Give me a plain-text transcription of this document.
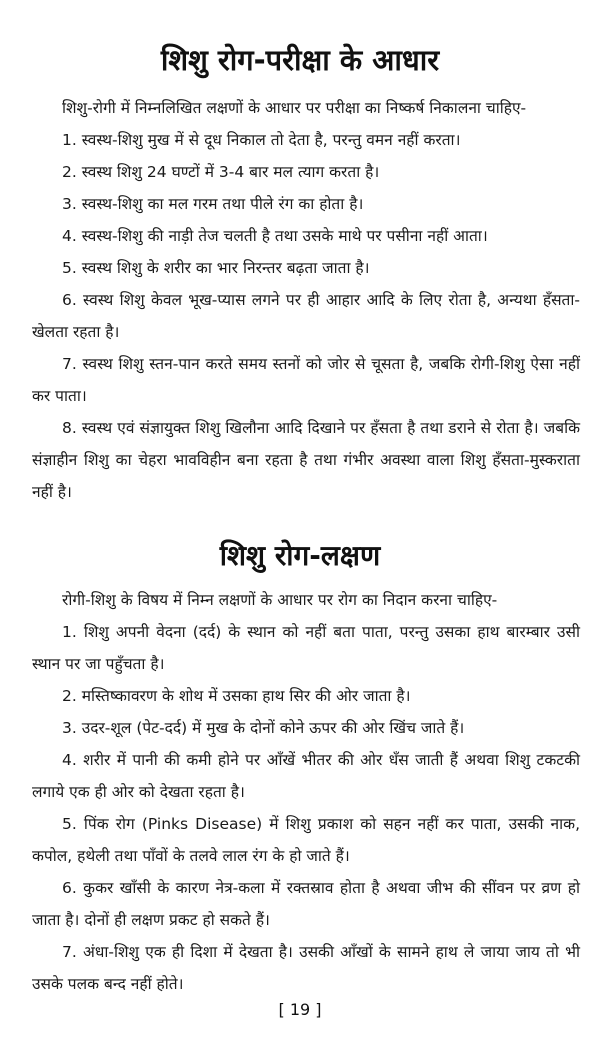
शिशु रोग-परीक्षा के आधार

शिशु-रोगी में निम्नलिखित लक्षणों के आधार पर परीक्षा का निष्कर्ष निकालना चाहिए-

1. स्वस्थ-शिशु मुख में से दूध निकाल तो देता है, परन्तु वमन नहीं करता।

2. स्वस्थ शिशु 24 घण्टों में 3-4 बार मल त्याग करता है।

3. स्वस्थ-शिशु का मल गरम तथा पीले रंग का होता है।

4. स्वस्थ-शिशु की नाड़ी तेज चलती है तथा उसके माथे पर पसीना नहीं आता।

5. स्वस्थ शिशु के शरीर का भार निरन्तर बढ़ता जाता है।

6. स्वस्थ शिशु केवल भूख-प्यास लगने पर ही आहार आदि के लिए रोता है, अन्यथा हँसता-खेलता रहता है।

7. स्वस्थ शिशु स्तन-पान करते समय स्तनों को जोर से चूसता है, जबकि रोगी-शिशु ऐसा नहीं कर पाता।

8. स्वस्थ एवं संज्ञायुक्त शिशु खिलौना आदि दिखाने पर हँसता है तथा डराने से रोता है। जबकि संज्ञाहीन शिशु का चेहरा भावविहीन बना रहता है तथा गंभीर अवस्था वाला शिशु हँसता-मुस्कराता नहीं है।

शिशु रोग-लक्षण

रोगी-शिशु के विषय में निम्न लक्षणों के आधार पर रोग का निदान करना चाहिए-

1. शिशु अपनी वेदना (दर्द) के स्थान को नहीं बता पाता, परन्तु उसका हाथ बारम्बार उसी स्थान पर जा पहुँचता है।

2. मस्तिष्कावरण के शोथ में उसका हाथ सिर की ओर जाता है।

3. उदर-शूल (पेट-दर्द) में मुख के दोनों कोने ऊपर की ओर खिंच जाते हैं।

4. शरीर में पानी की कमी होने पर आँखें भीतर की ओर धँस जाती हैं अथवा शिशु टकटकी लगाये एक ही ओर को देखता रहता है।

5. पिंक रोग (Pinks Disease) में शिशु प्रकाश को सहन नहीं कर पाता, उसकी नाक, कपोल, हथेली तथा पाँवों के तलवे लाल रंग के हो जाते हैं।

6. कुकर खाँसी के कारण नेत्र-कला में रक्तस्राव होता है अथवा जीभ की सींवन पर व्रण हो जाता है। दोनों ही लक्षण प्रकट हो सकते हैं।

7. अंधा-शिशु एक ही दिशा में देखता है। उसकी आँखों के सामने हाथ ले जाया जाय तो भी उसके पलक बन्द नहीं होते।

[ 19 ]
